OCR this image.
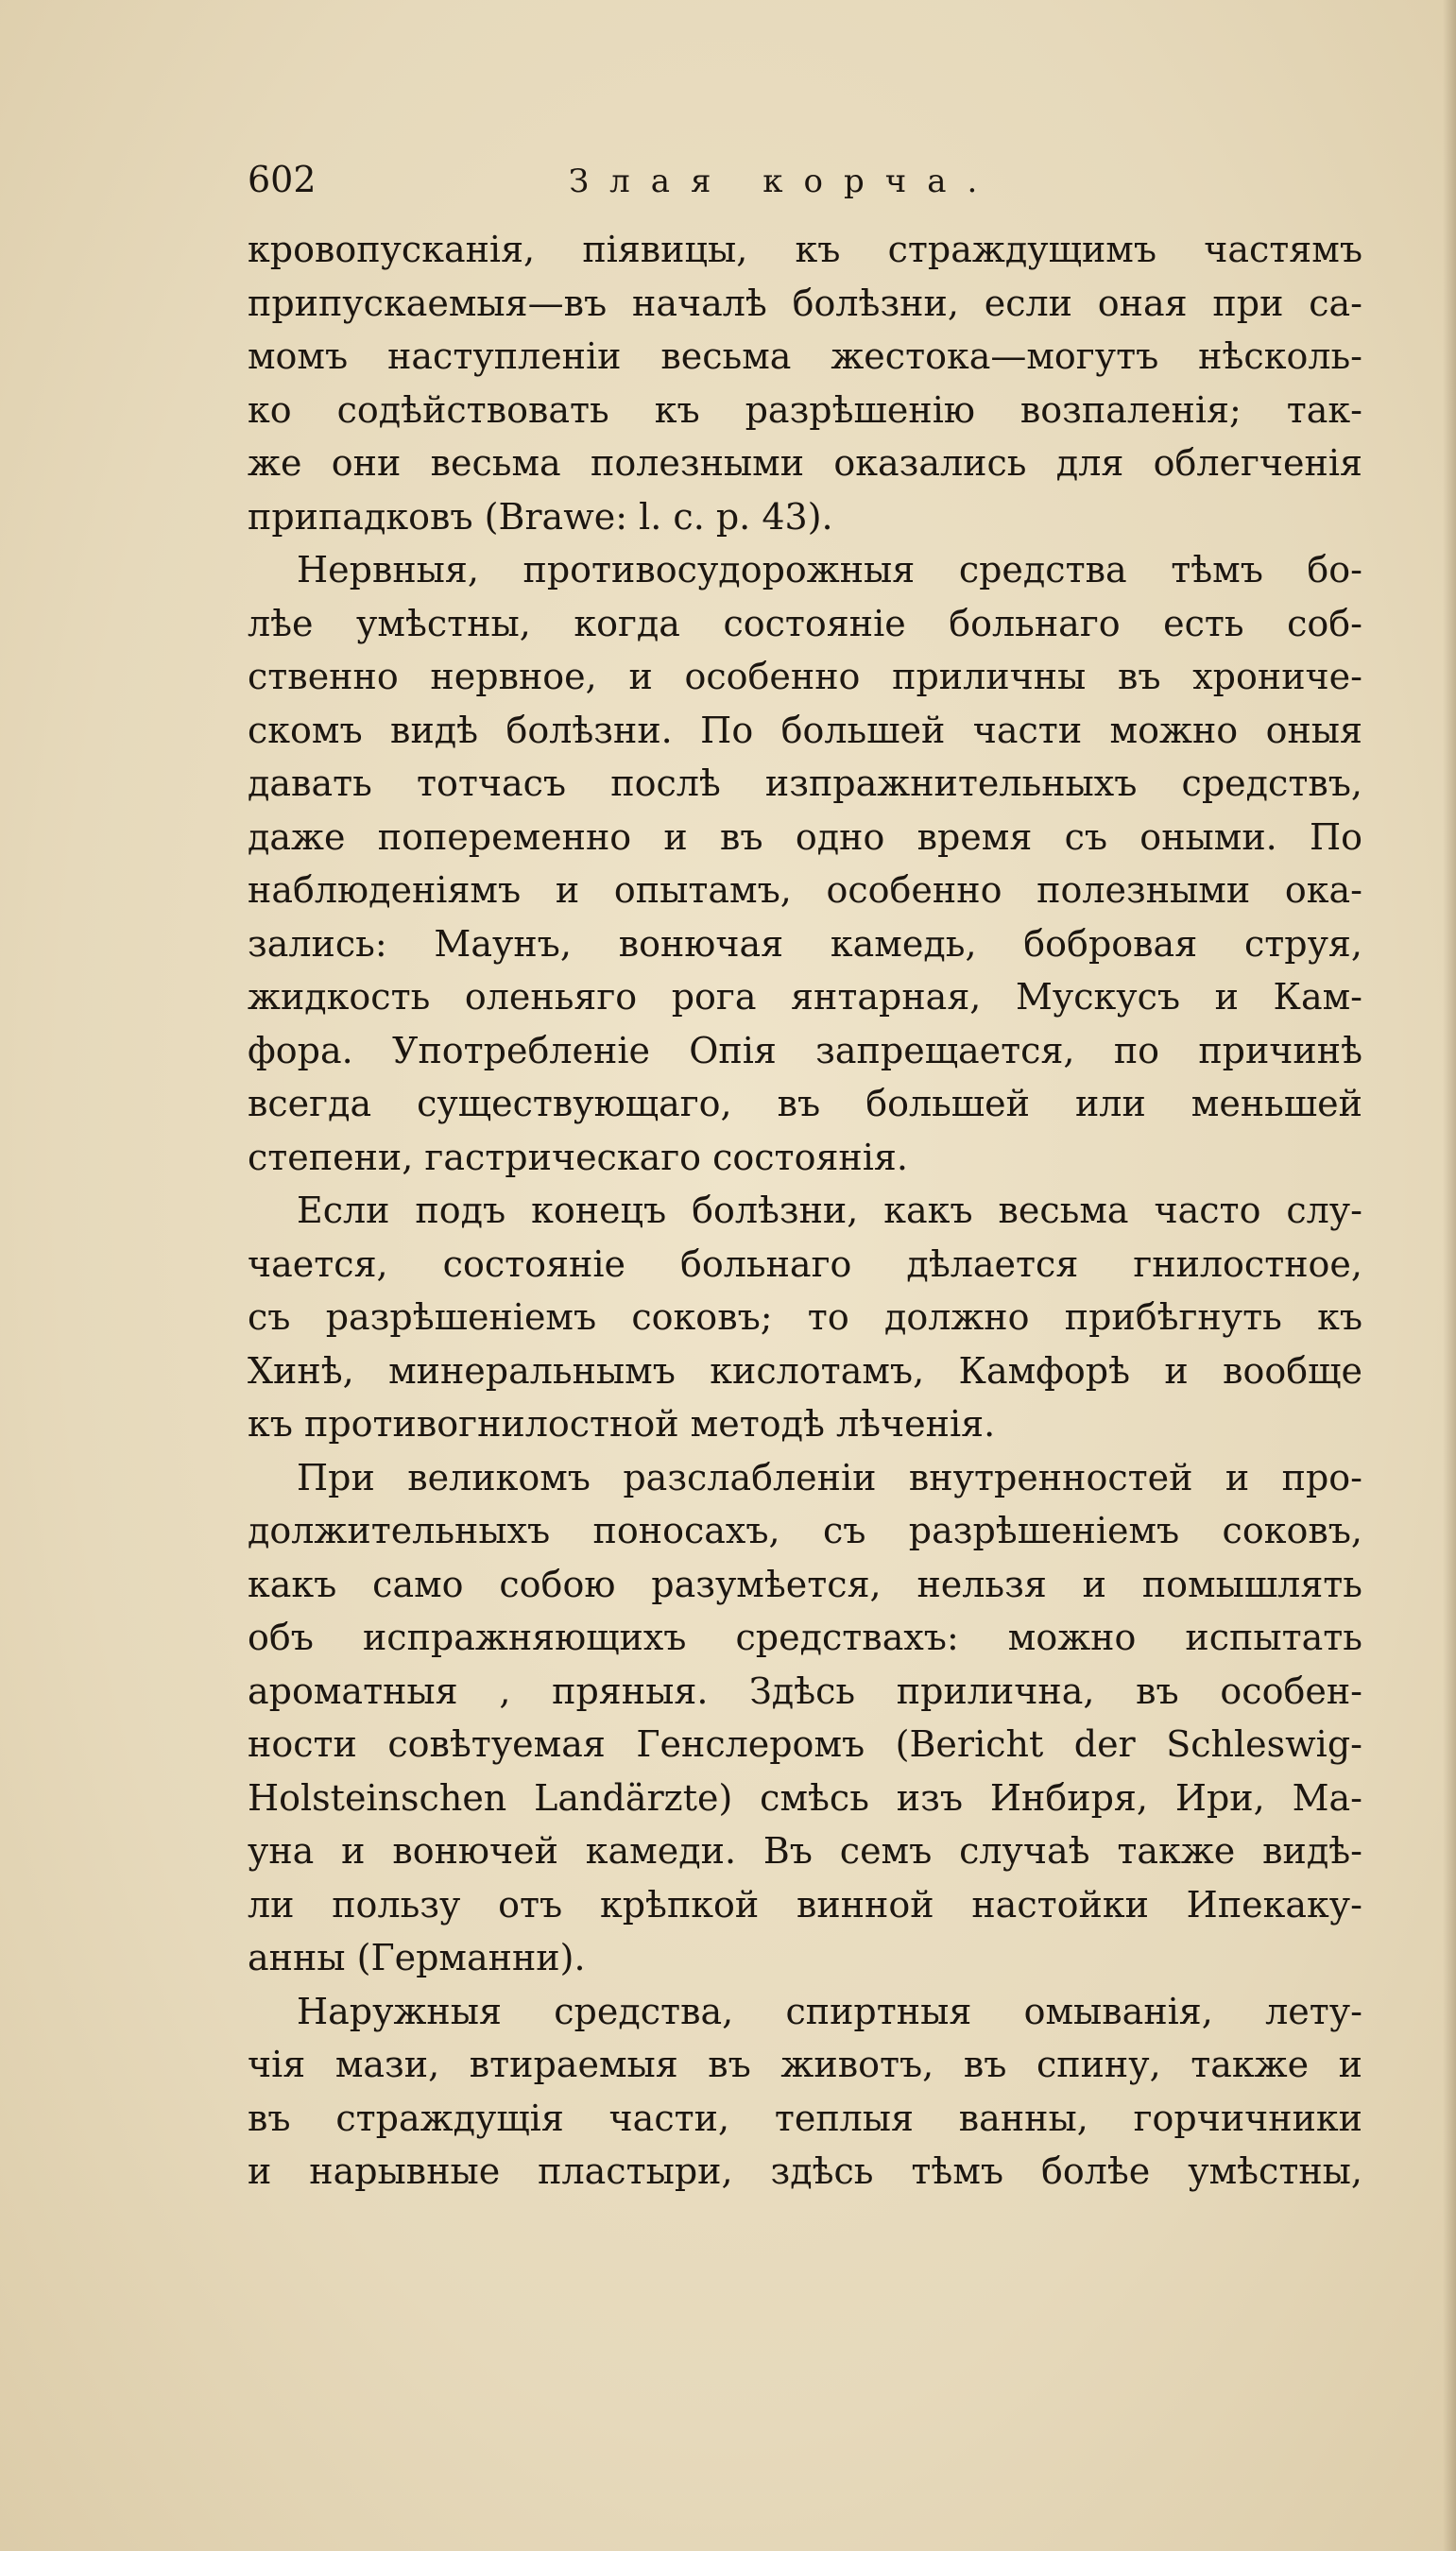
602	Злая корча.
кровопусканія, піявицы, къ страждущимъ частямъ
припускаемыя—въ началѣ болѣзни, если оная при са-
момъ наступленіи весьма жестока—могутъ нѣсколь-
ко содѣйствовать къ разрѣшенію возпаленія; так-
же они весьма полезными оказались для облегченія
припадковъ (Brawe: l. c. p. 43).
Нервныя, противосудорожныя средства тѣмъ бо-
лѣе умѣстны, когда состояніе больнаго есть соб-
ственно нервное, и особенно приличны въ хрониче-
скомъ видѣ болѣзни. По большей части можно оныя
давать тотчасъ послѣ изпражнительныхъ средствъ,
даже попеременно и въ одно время съ оными. По
наблюденіямъ и опытамъ, особенно полезными ока-
зались: Маунъ, вонючая камедь, бобровая струя,
жидкость оленьяго рога янтарная, Мускусъ и Кам-
фора. Употребленіе Опія запрещается, по причинѣ
всегда существующаго, въ большей или меньшей
степени, гастрическаго состоянія.
Если подъ конецъ болѣзни, какъ весьма часто слу-
чается, состояніе больнаго дѣлается гнилостное,
съ разрѣшеніемъ соковъ; то должно прибѣгнуть къ
Хинѣ, минеральнымъ кислотамъ, Камфорѣ и вообще
къ противогнилостной методѣ лѣченія.
При великомъ разслабленіи внутренностей и про-
должительныхъ поносахъ, съ разрѣшеніемъ соковъ,
какъ само собою разумѣется, нельзя и помышлять
объ испражняющихъ средствахъ: можно испытать
ароматныя , пряныя. Здѣсь прилична, въ особен-
ности совѣтуемая Генслеромъ (Bericht der Schleswig-
Holsteinschen Landärzte) смѣсь изъ Инбиря, Ири, Ма-
уна и вонючей камеди. Въ семъ случаѣ также видѣ-
ли пользу отъ крѣпкой винной настойки Ипекаку-
анны (Германни).
Наружныя средства, спиртныя омыванія, лету-
чія мази, втираемыя въ животъ, въ спину, также и
въ страждущія части, теплыя ванны, горчичники
и нарывные пластыри, здѣсь тѣмъ болѣе умѣстны,
